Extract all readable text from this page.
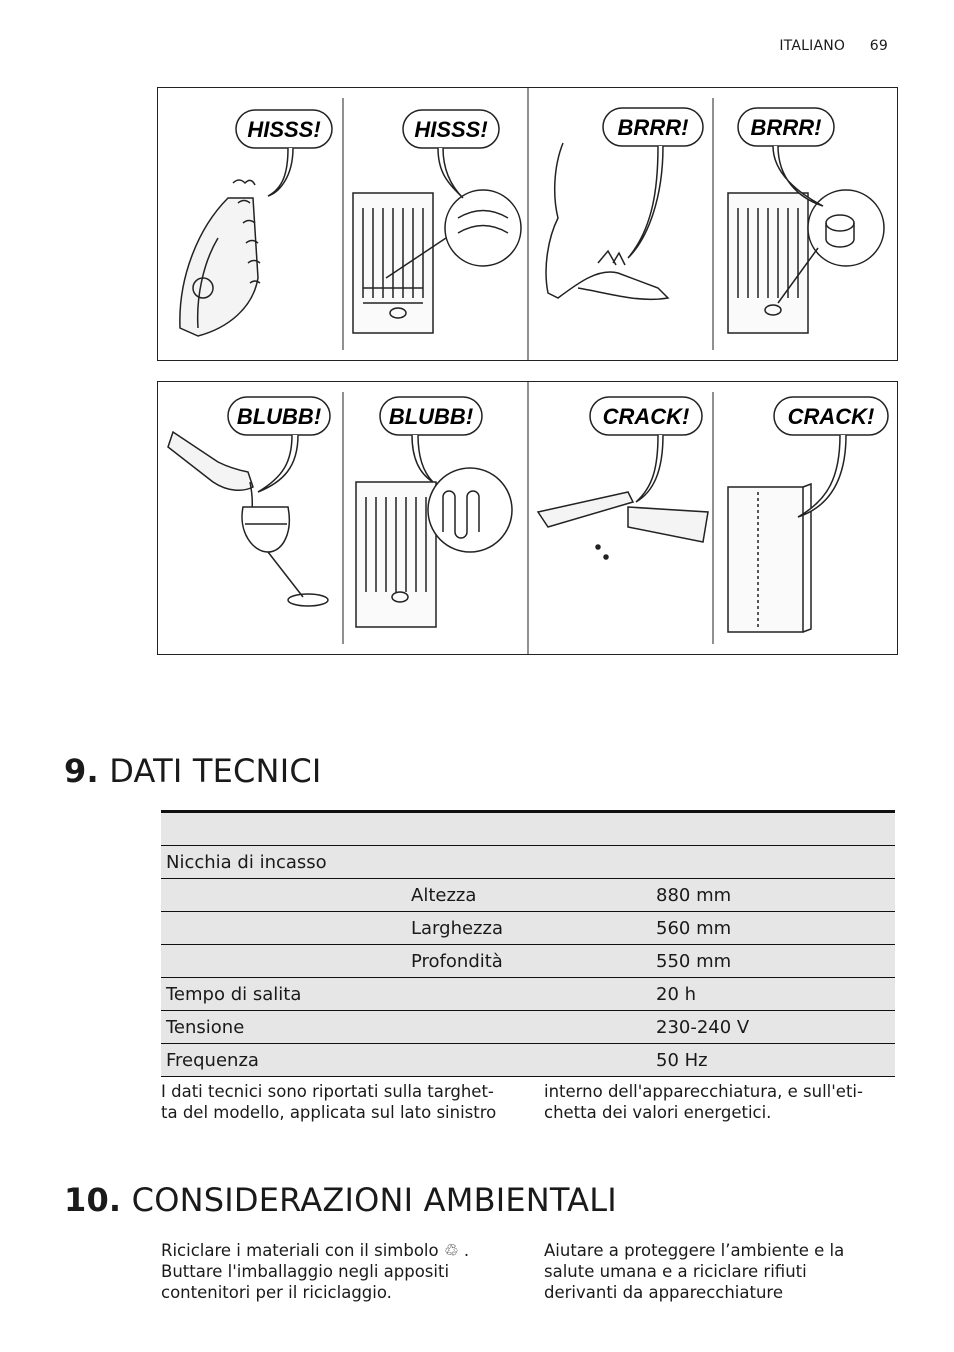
ITALIANO 69
HISSS!	HISSS!	BRRR!	BRRR!
BLUBB!	BLUBB!	CRACK!	CRACK!
9. DATI TECNICI

Nicchia di incasso		
	Altezza	880 mm
	Larghezza	560 mm
	Profondità	550 mm
Tempo di salita		20 h
Tensione		230-240 V
Frequenza		50 Hz
I dati tecnici sono riportati sulla targhet-
ta del modello, applicata sul lato sinistro
interno dell'apparecchiatura, e sull'eti-
chetta dei valori energetici.
10. CONSIDERAZIONI AMBIENTALI
Riciclare i materiali con il simbolo ♲ .
Buttare l'imballaggio negli appositi
contenitori per il riciclaggio.
Aiutare a proteggere l’ambiente e la
salute umana e a riciclare rifiuti
derivanti da apparecchiature
